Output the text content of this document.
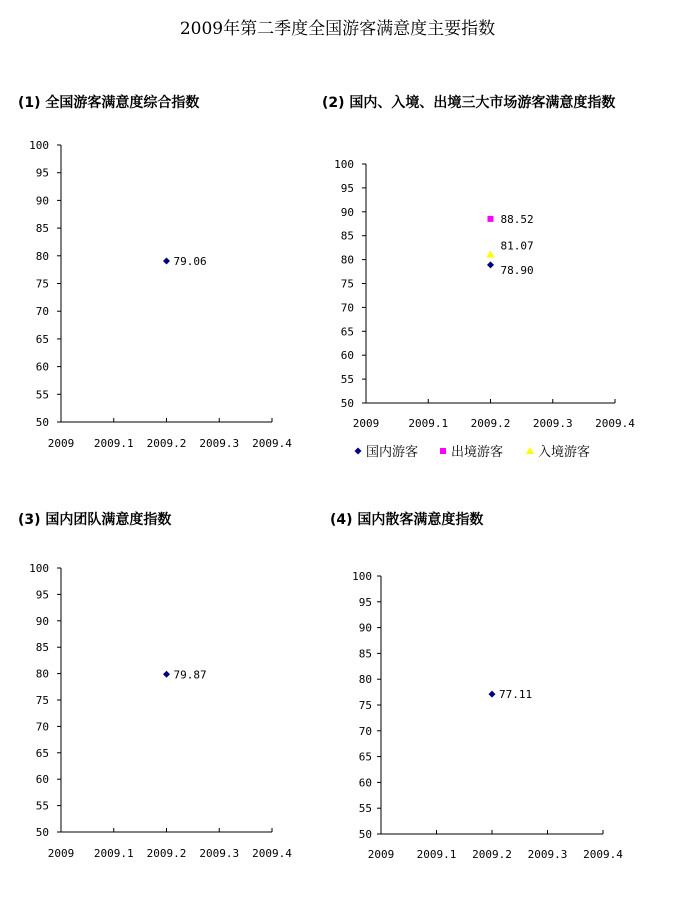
2009年第二季度全国游客满意度主要指数
(1) 全国游客满意度综合指数	(2) 国内、入境、出境三大市场游客满意度指数
(3) 国内团队满意度指数	(4) 国内散客满意度指数
50
55
60
65
70
75
80
85
90
95
100
2009 2009.1 2009.2 2009.3 2009.4
79.06
50
55
60
65
70
75
80
85
90
95
100
2009	2009.1 2009.2 2009.3 2009.4
78.90
88.52
81.07
国内游客	出境游客	入境游客
50
55
60
65
70
75
80
85
90
95
100
2009 2009.1 2009.2 2009.3 2009.4
79.87
50
55
60
65
70
75
80
85
90
95
100
2009 2009.1 2009.2 2009.3 2009.4
77.11
